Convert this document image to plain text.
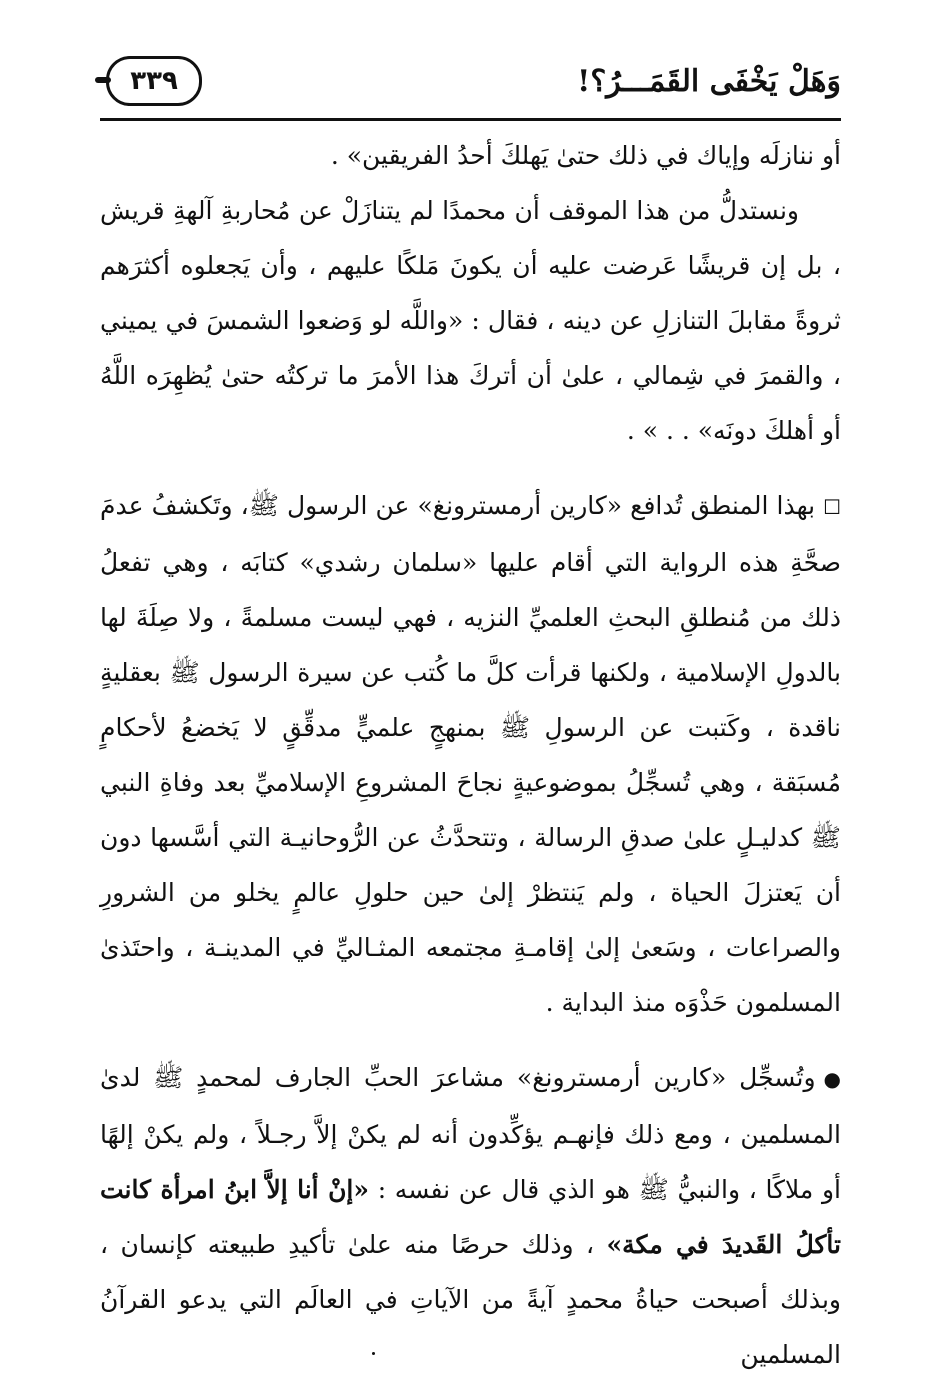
وَهَلْ يَخْفَى القَمَـــرُ؟!
٣٣٩

أو ننازلَه وإياك في ذلك حتىٰ يَهلكَ أحدُ الفريقين» .

ونستدلُّ من هذا الموقف أن محمدًا لم يتنازَلْ عن مُحاربةِ آلهةِ قريش ، بل إن قريشًا عَرضت عليه أن يكونَ مَلكًا عليهم ، وأن يَجعلوه أكثرَهم ثروةً مقابلَ التنازلِ عن دينه ، فقال : «واللَّه لو وَضعوا الشمسَ في يميني ، والقمرَ في شِمالي ، علىٰ أن أتركَ هذا الأمرَ ما تركتُه حتىٰ يُظهِرَه اللَّهُ أو أهلكَ دونَه» . . » .

☐بهذا المنطق تُدافع «كارين أرمسترونغ» عن الرسول ﷺ، وتَكشفُ عدمَ صحَّةِ هذه الرواية التي أقام عليها «سلمان رشدي» كتابَه ، وهي تفعلُ ذلك من مُنطلقِ البحثِ العلميِّ النزيه ، فهي ليست مسلمةً ، ولا صِلَةَ لها بالدولِ الإسلامية ، ولكنها قرأت كلَّ ما كُتب عن سيرة الرسول ﷺ بعقليةٍ ناقدة ، وكَتبت عن الرسولِ ﷺ بمنهجٍ علميٍّ مدقِّقٍ لا يَخضعُ لأحكامٍ مُسبَقة ، وهي تُسجِّلُ بموضوعيةٍ نجاحَ المشروعِ الإسلاميِّ بعد وفاةِ النبي ﷺ كدليـلٍ علىٰ صدقِ الرسالة ، وتتحدَّثُ عن الرُّوحانيـة التي أسَّسها دون أن يَعتزلَ الحياة ، ولم يَنتظرْ إلىٰ حين حلولِ عالمٍ يخلو من الشرورِ والصراعات ، وسَعىٰ إلىٰ إقامـةِ مجتمعه المثـاليِّ في المدينـة ، واحتَذىٰ المسلمون حَذْوَه منذ البداية .

●وتُسجِّل «كارين أرمسترونغ» مشاعرَ الحبِّ الجارف لمحمدٍ ﷺ لدىٰ المسلمين ، ومع ذلك فإنهـم يؤكِّدون أنه لم يكنْ إلاَّ رجـلاً ، ولم يكنْ إلهًا أو ملاكًا ، والنبيُّ ﷺ هو الذي قال عن نفسه : «إنْ أنا إلاَّ ابنُ امرأة كانت تأكلُ القَديدَ في مكة» ، وذلك حرصًا منه علىٰ تأكيدِ طبيعته كإنسان ، وبذلك أصبحت حياةُ محمدٍ آيةً من الآياتِ في العالَم التي يدعو القرآنُ المسلمين
